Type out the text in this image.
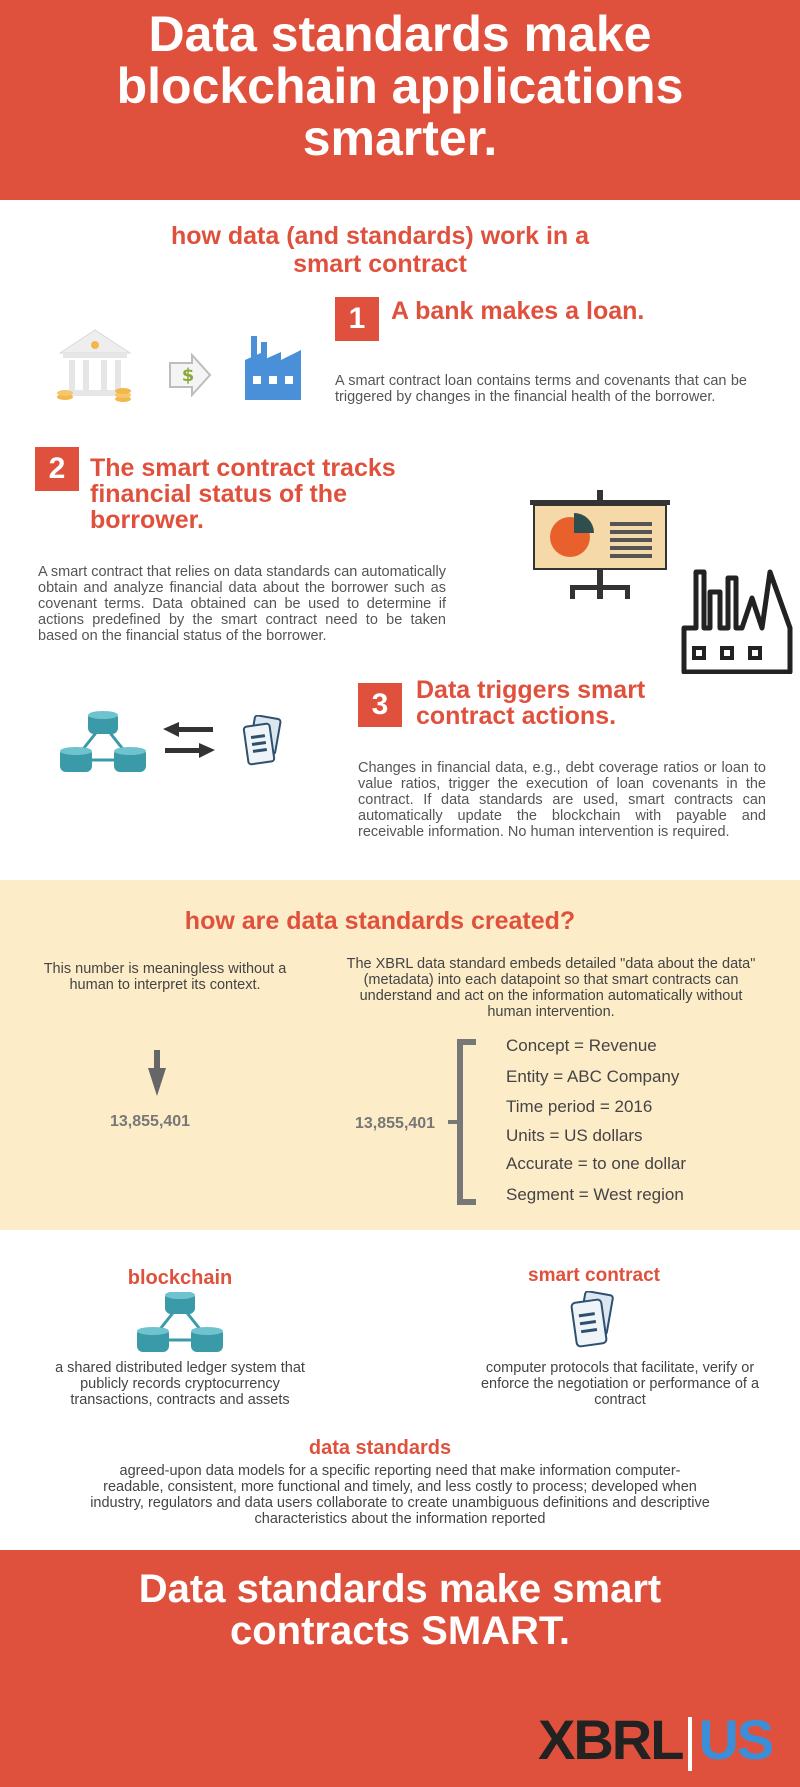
Data standards make
blockchain applications
smarter.
how data (and standards) work in a
smart contract
$
1	A bank makes a loan.
A smart contract loan contains terms and covenants that can be triggered by changes in the financial health of the borrower.
2 The smart contract tracks
financial status of the
borrower.
A smart contract that relies on data standards can automatically obtain and analyze financial data about the borrower such as covenant terms. Data obtained can be used to determine if actions predefined by the smart contract need to be taken based on the financial status of the borrower.
3	Data triggers smart
contract actions.
Changes in financial data, e.g., debt coverage ratios or loan to value ratios, trigger the execution of loan covenants in the contract. If data standards are used, smart contracts can automatically update the blockchain with payable and receivable information. No human intervention is required.
how are data standards created?
This number is meaningless without a human to interpret its context.
The XBRL data standard embeds detailed "data about the data" (metadata) into each datapoint so that smart contracts can understand and act on the information automatically without human intervention.
13,855,401	13,855,401
Concept = Revenue
Entity = ABC Company
Time period = 2016
Units = US dollars
Accurate = to one dollar
Segment = West region
blockchain
a shared distributed ledger system that publicly records cryptocurrency transactions, contracts and assets
smart contract
computer protocols that facilitate, verify or enforce the negotiation or performance of a contract
data standards
agreed-upon data models for a specific reporting need that make information computer-readable, consistent, more functional and timely, and less costly to process; developed when industry, regulators and data users collaborate to create unambiguous definitions and descriptive characteristics about the information reported
Data standards make smart
contracts SMART.
XBRL US
